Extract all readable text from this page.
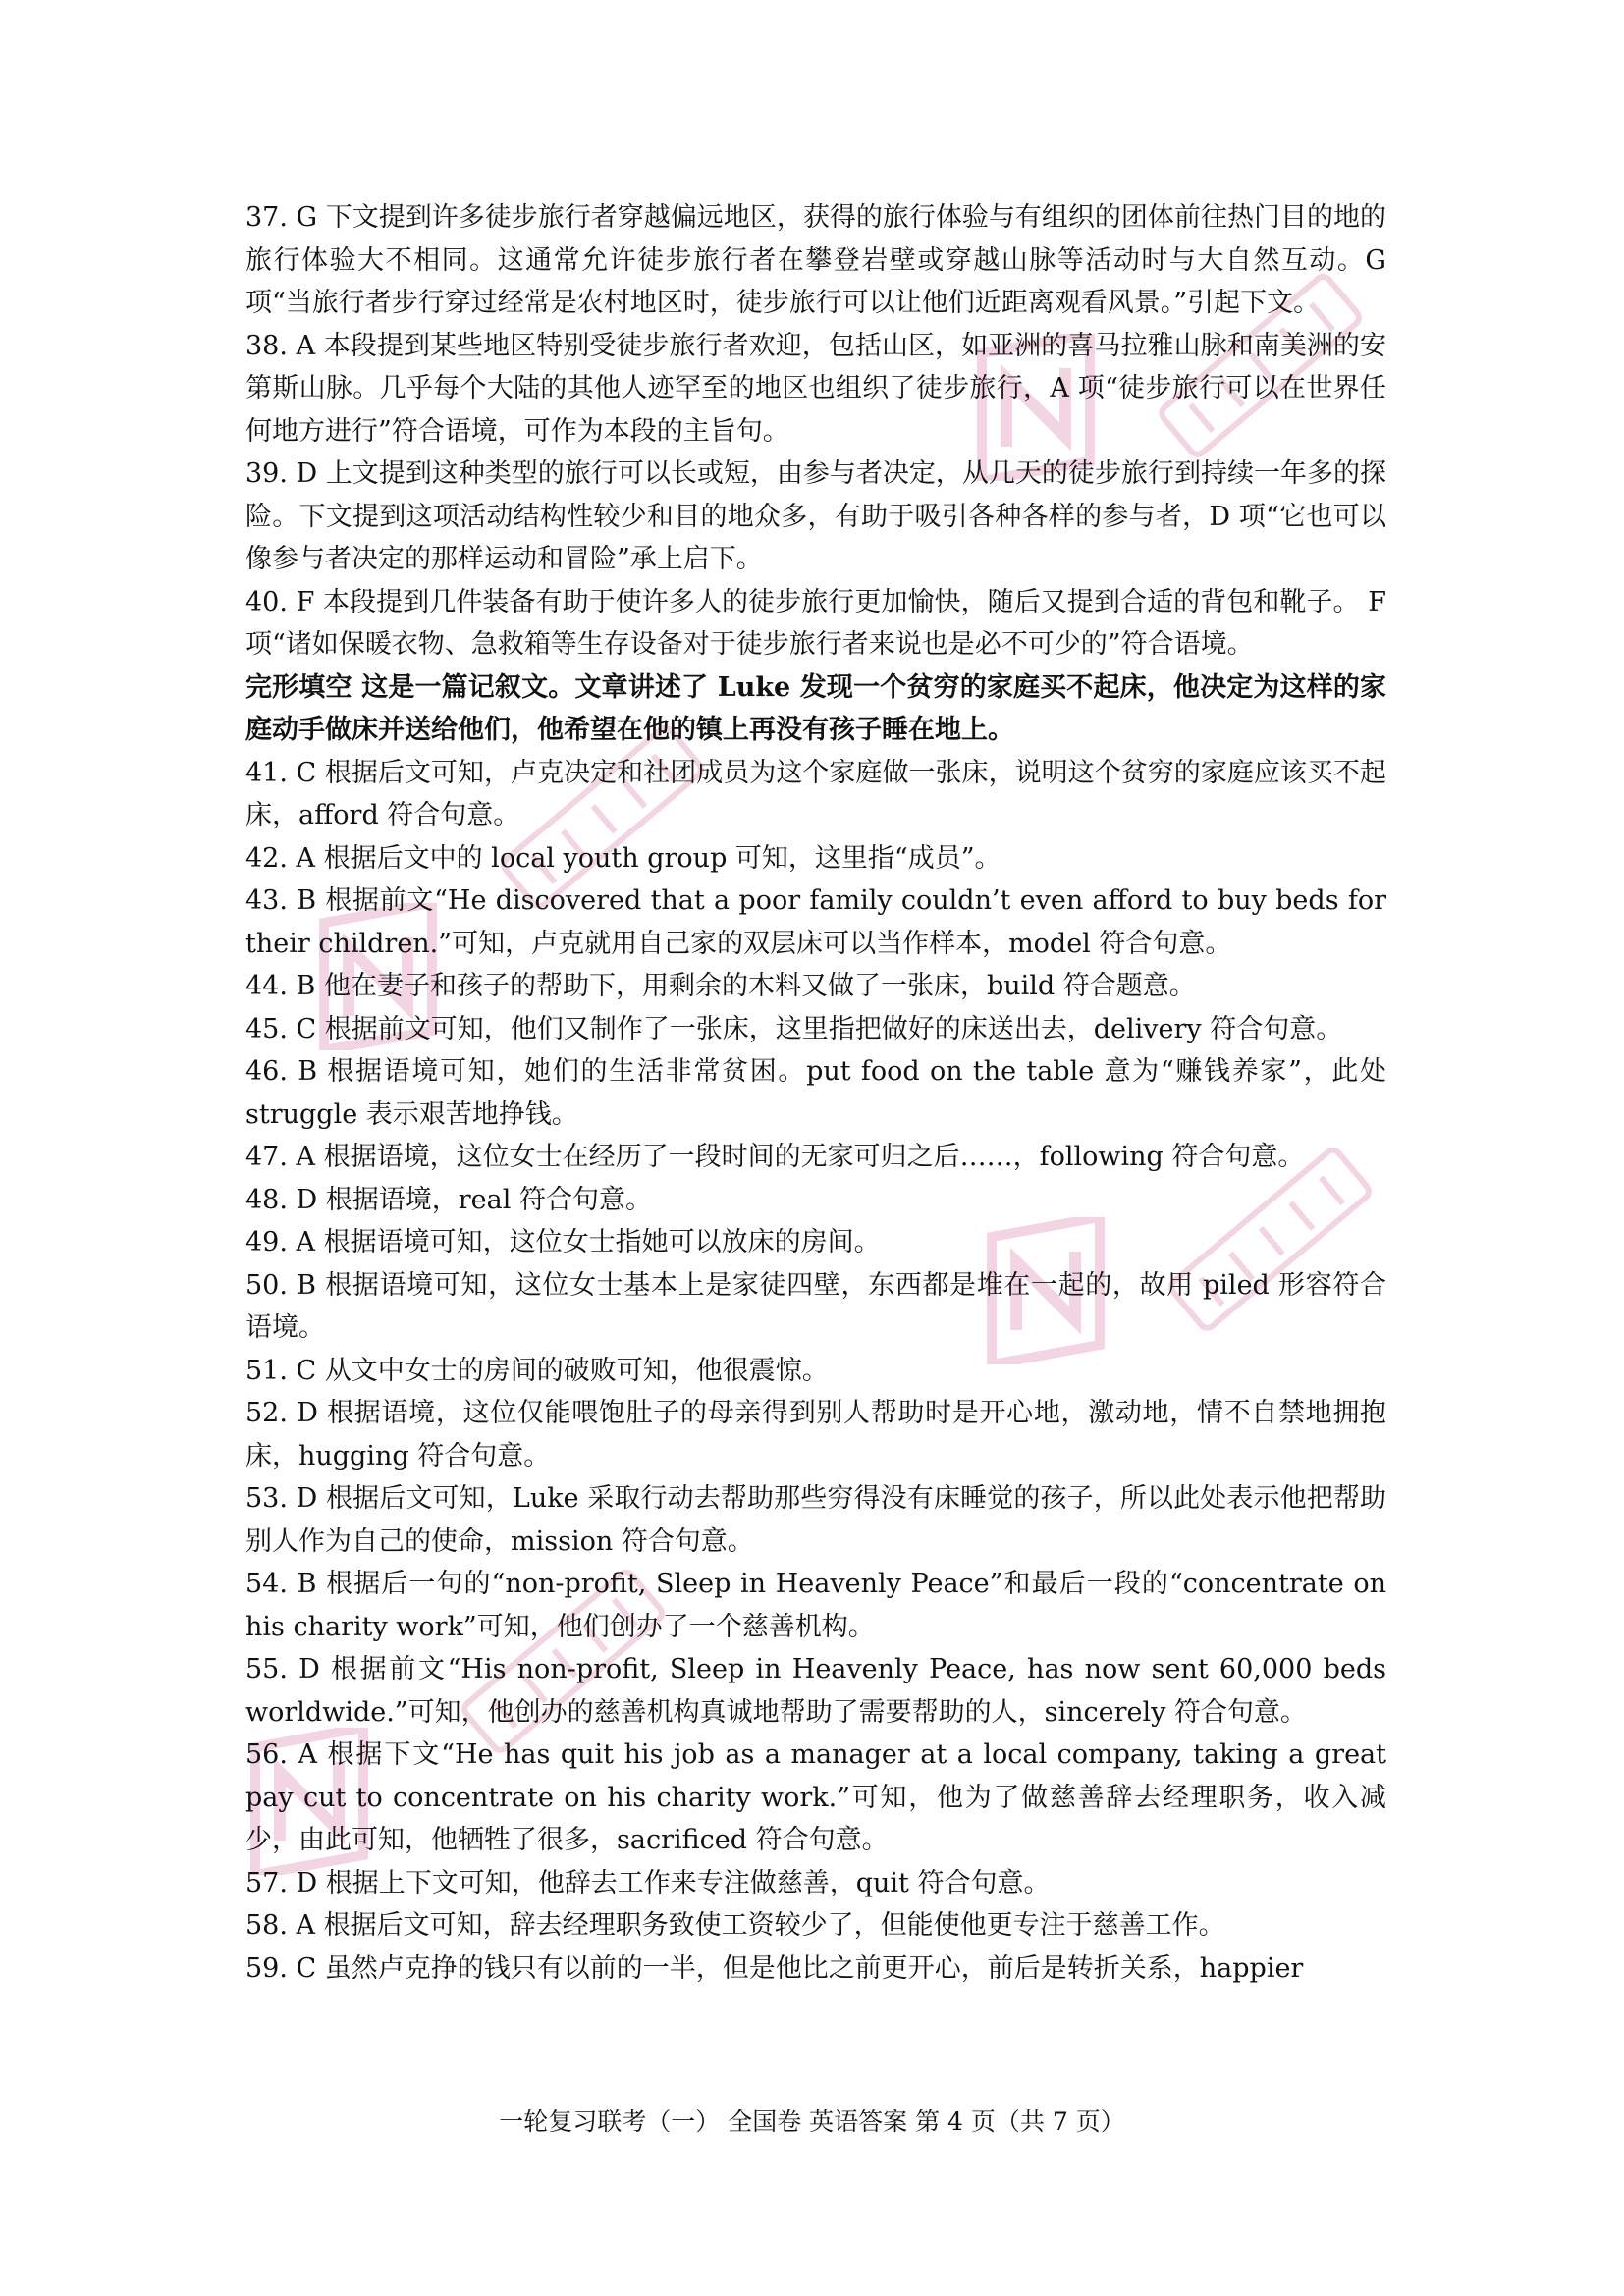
37. G 下文提到许多徒步旅行者穿越偏远地区，获得的旅行体验与有组织的团体前往热门目的地的旅行体验大不相同。这通常允许徒步旅行者在攀登岩壁或穿越山脉等活动时与大自然互动。G 项“当旅行者步行穿过经常是农村地区时，徒步旅行可以让他们近距离观看风景。”引起下文。

38. A 本段提到某些地区特别受徒步旅行者欢迎，包括山区，如亚洲的喜马拉雅山脉和南美洲的安第斯山脉。几乎每个大陆的其他人迹罕至的地区也组织了徒步旅行，A 项“徒步旅行可以在世界任何地方进行”符合语境，可作为本段的主旨句。

39. D 上文提到这种类型的旅行可以长或短，由参与者决定，从几天的徒步旅行到持续一年多的探险。下文提到这项活动结构性较少和目的地众多，有助于吸引各种各样的参与者，D 项“它也可以像参与者决定的那样运动和冒险”承上启下。

40. F 本段提到几件装备有助于使许多人的徒步旅行更加愉快，随后又提到合适的背包和靴子。 F 项“诸如保暖衣物、急救箱等生存设备对于徒步旅行者来说也是必不可少的”符合语境。

完形填空 这是一篇记叙文。文章讲述了 Luke 发现一个贫穷的家庭买不起床，他决定为这样的家庭动手做床并送给他们，他希望在他的镇上再没有孩子睡在地上。

41. C 根据后文可知，卢克决定和社团成员为这个家庭做一张床，说明这个贫穷的家庭应该买不起床，afford 符合句意。

42. A 根据后文中的 local youth group 可知，这里指“成员”。

43. B 根据前文“He discovered that a poor family couldn’t even afford to buy beds for their children.”可知，卢克就用自己家的双层床可以当作样本，model 符合句意。

44. B 他在妻子和孩子的帮助下，用剩余的木料又做了一张床，build 符合题意。

45. C 根据前文可知，他们又制作了一张床，这里指把做好的床送出去，delivery 符合句意。

46. B 根据语境可知，她们的生活非常贫困。put food on the table 意为“赚钱养家”，此处 struggle 表示艰苦地挣钱。

47. A 根据语境，这位女士在经历了一段时间的无家可归之后……，following 符合句意。

48. D 根据语境，real 符合句意。

49. A 根据语境可知，这位女士指她可以放床的房间。

50. B 根据语境可知，这位女士基本上是家徒四壁，东西都是堆在一起的，故用 piled 形容符合语境。

51. C 从文中女士的房间的破败可知，他很震惊。

52. D 根据语境，这位仅能喂饱肚子的母亲得到别人帮助时是开心地，激动地，情不自禁地拥抱床，hugging 符合句意。

53. D 根据后文可知，Luke 采取行动去帮助那些穷得没有床睡觉的孩子，所以此处表示他把帮助别人作为自己的使命，mission 符合句意。

54. B 根据后一句的“non-profit, Sleep in Heavenly Peace”和最后一段的“concentrate on his charity work”可知，他们创办了一个慈善机构。

55. D 根据前文“His non-profit, Sleep in Heavenly Peace, has now sent 60,000 beds worldwide.”可知，他创办的慈善机构真诚地帮助了需要帮助的人，sincerely 符合句意。

56. A 根据下文“He has quit his job as a manager at a local company, taking a great pay cut to concentrate on his charity work.”可知，他为了做慈善辞去经理职务，收入减少，由此可知，他牺牲了很多，sacrificed 符合句意。

57. D 根据上下文可知，他辞去工作来专注做慈善，quit 符合句意。

58. A 根据后文可知，辞去经理职务致使工资较少了，但能使他更专注于慈善工作。

59. C 虽然卢克挣的钱只有以前的一半，但是他比之前更开心，前后是转折关系，happier

一轮复习联考（一） 全国卷 英语答案 第 4 页（共 7 页）
